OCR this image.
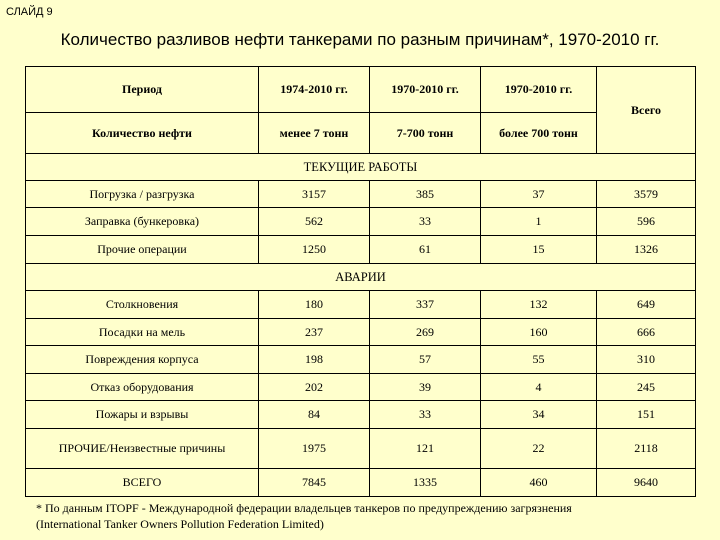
СЛАЙД 9
Количество разливов нефти танкерами по разным причинам*, 1970-2010 гг.
Период	1974-2010 гг.	1970-2010 гг.	1970-2010 гг.	Всего
Количество нефти	менее 7 тонн	7-700 тонн	более 700 тонн	
ТЕКУЩИЕ РАБОТЫ				
Погрузка / разгрузка	3157	385	37	3579
Заправка (бункеровка)	562	33	1	596
Прочие операции	1250	61	15	1326
АВАРИИ				
Столкновения	180	337	132	649
Посадки на мель	237	269	160	666
Повреждения корпуса	198	57	55	310
Отказ оборудования	202	39	4	245
Пожары и взрывы	84	33	34	151
ПРОЧИЕ/Неизвестные причины	1975	121	22	2118
ВСЕГО	7845	1335	460	9640
* По данным ITOPF - Международной федерации владельцев танкеров по предупреждению загрязнения
(International Tanker Owners Pollution Federation Limited)
